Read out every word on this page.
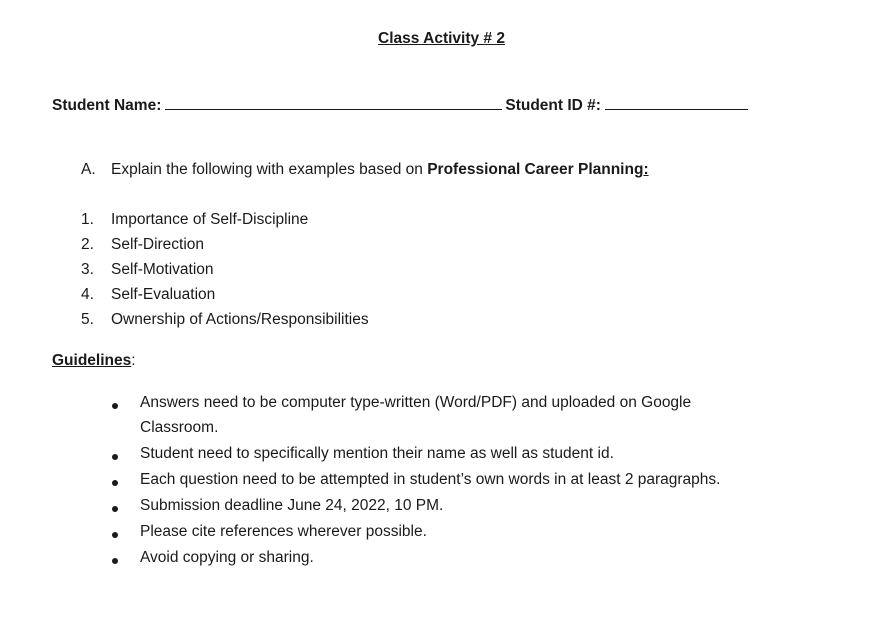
Class Activity # 2
Student Name:	Student ID #:
A. Explain the following with examples based on Professional Career Planning:
1. Importance of Self-Discipline
2. Self-Direction
3. Self-Motivation
4. Self-Evaluation
5. Ownership of Actions/Responsibilities
Guidelines:
Answers need to be computer type-written (Word/PDF) and uploaded on Google
Classroom.
Student need to specifically mention their name as well as student id.
Each question need to be attempted in student’s own words in at least 2 paragraphs.
Submission deadline June 24, 2022, 10 PM.
Please cite references wherever possible.
Avoid copying or sharing.
